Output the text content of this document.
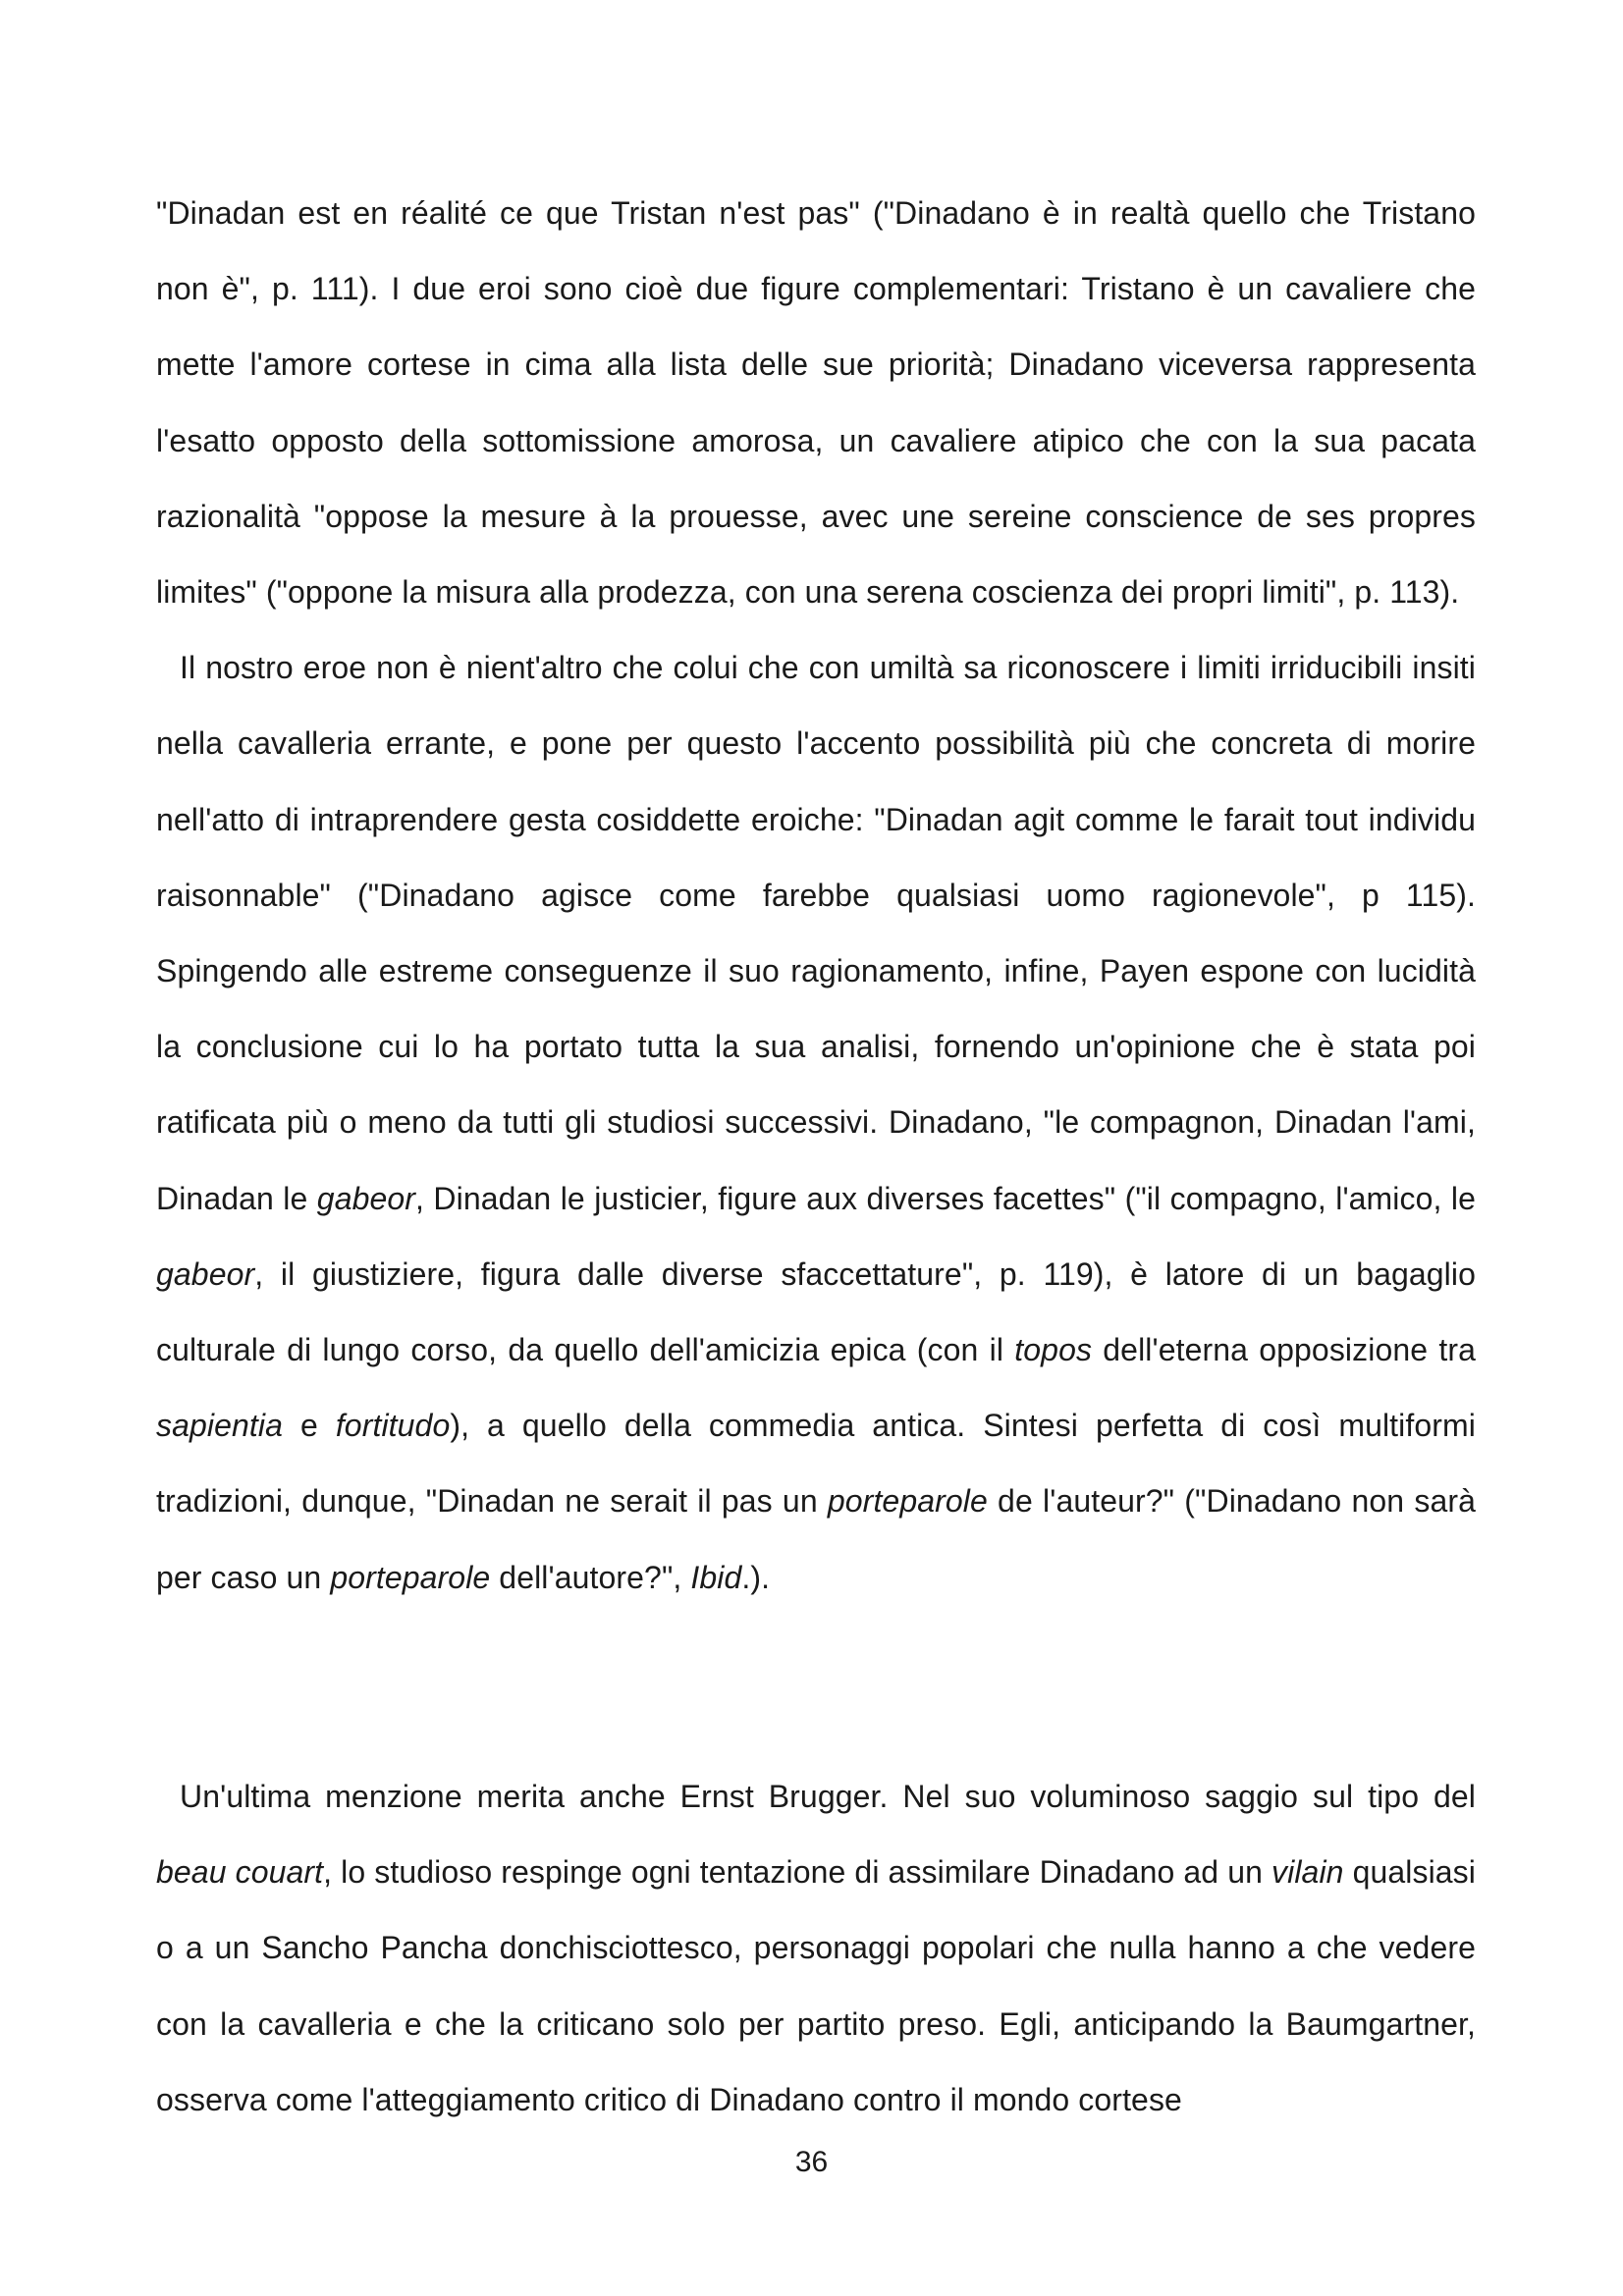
"Dinadan est en réalité ce que Tristan n'est pas" ("Dinadano è in realtà quello che Tristano non è", p. 111). I due eroi sono cioè due figure complementari: Tristano è un cavaliere che mette l'amore cortese in cima alla lista delle sue priorità; Dinadano viceversa rappresenta l'esatto opposto della sottomissione amorosa, un cavaliere atipico che con la sua pacata razionalità "oppose la mesure à la prouesse, avec une sereine conscience de ses propres limites" ("oppone la misura alla prodezza, con una serena coscienza dei propri limiti", p. 113).

Il nostro eroe non è nient'altro che colui che con umiltà sa riconoscere i limiti irriducibili insiti nella cavalleria errante, e pone per questo l'accento possibilità più che concreta di morire nell'atto di intraprendere gesta cosiddette eroiche: "Dinadan agit comme le farait tout individu raisonnable" ("Dinadano agisce come farebbe qualsiasi uomo ragionevole", p 115). Spingendo alle estreme conseguenze il suo ragionamento, infine, Payen espone con lucidità la conclusione cui lo ha portato tutta la sua analisi, fornendo un'opinione che è stata poi ratificata più o meno da tutti gli studiosi successivi. Dinadano, "le compagnon, Dinadan l'ami, Dinadan le gabeor, Dinadan le justicier, figure aux diverses facettes" ("il compagno, l'amico, le gabeor, il giustiziere, figura dalle diverse sfaccettature", p. 119), è latore di un bagaglio culturale di lungo corso, da quello dell'amicizia epica (con il topos dell'eterna opposizione tra sapientia e fortitudo), a quello della commedia antica. Sintesi perfetta di così multiformi tradizioni, dunque, "Dinadan ne serait il pas un porteparole de l'auteur?" ("Dinadano non sarà per caso un porteparole dell'autore?", Ibid.).

Un'ultima menzione merita anche Ernst Brugger. Nel suo voluminoso saggio sul tipo del beau couart, lo studioso respinge ogni tentazione di assimilare Dinadano ad un vilain qualsiasi o a un Sancho Pancha donchisciottesco, personaggi popolari che nulla hanno a che vedere con la cavalleria e che la criticano solo per partito preso. Egli, anticipando la Baumgartner, osserva come l'atteggiamento critico di Dinadano contro il mondo cortese

36
